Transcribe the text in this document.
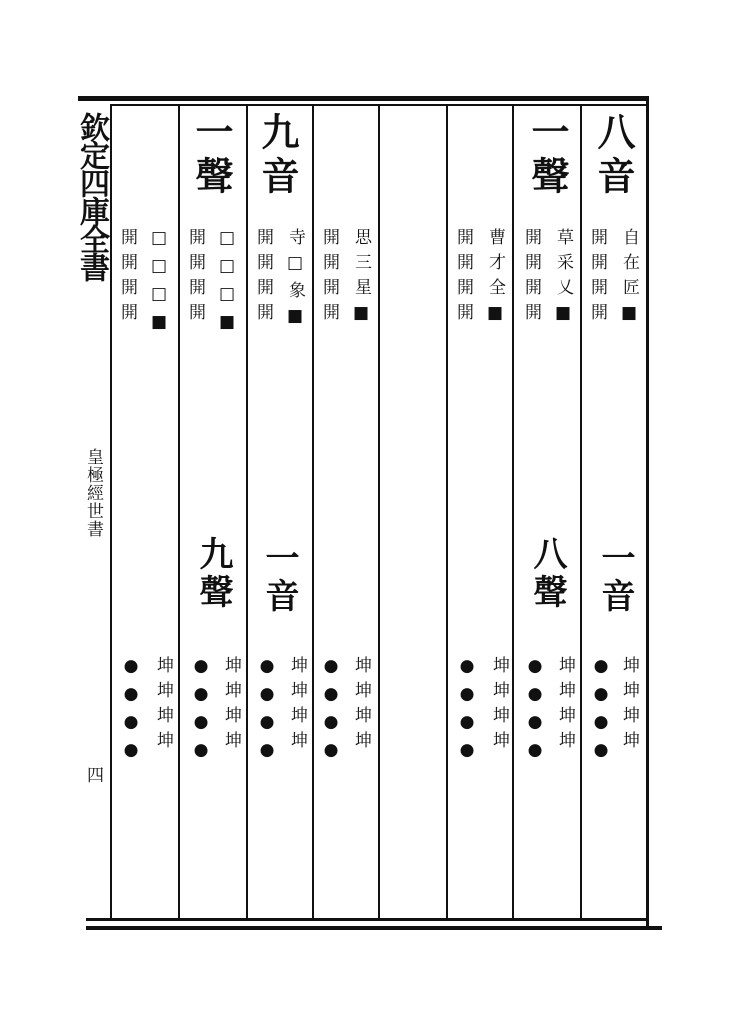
欽定四庫全書
皇極經世書
四
八音
自在匠■
開開開開
一音
坤坤坤坤
一聲
草采乂■
開開開開
八聲
坤坤坤坤
曹才全■
開開開開
坤坤坤坤
思三星■
開開開開
坤坤坤坤
九音
寺□象■
開開開開
一音
坤坤坤坤
一聲
□□□■
開開開開
九聲
坤坤坤坤
□□□■
開開開開
坤坤坤坤	●●●●
●●●●
●●●●
●●●●
●●●●
●●●●
●●●●
